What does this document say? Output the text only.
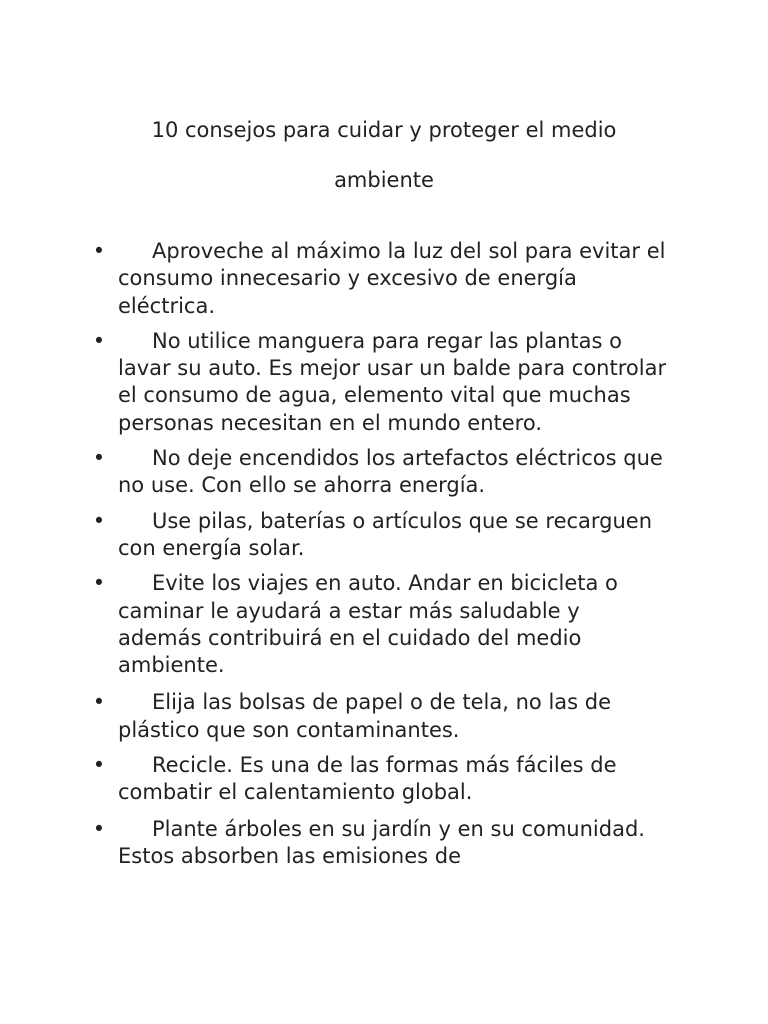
10 consejos para cuidar y proteger el medio
ambiente
•	Aproveche al máximo la luz del sol para evitar el consumo innecesario y excesivo de energía eléctrica.
•	No utilice manguera para regar las plantas o lavar su auto. Es mejor usar un balde para controlar el consumo de agua, elemento vital que muchas personas necesitan en el mundo entero.
•	No deje encendidos los artefactos eléctricos que no use. Con ello se ahorra energía.
•	Use pilas, baterías o artículos que se recarguen con energía solar.
•	Evite los viajes en auto. Andar en bicicleta o caminar le ayudará a estar más saludable y además contribuirá en el cuidado del medio ambiente.
•	Elija las bolsas de papel o de tela, no las de plástico que son contaminantes.
•	Recicle. Es una de las formas más fáciles de combatir el calentamiento global.
•	Plante árboles en su jardín y en su comunidad. Estos absorben las emisiones de
